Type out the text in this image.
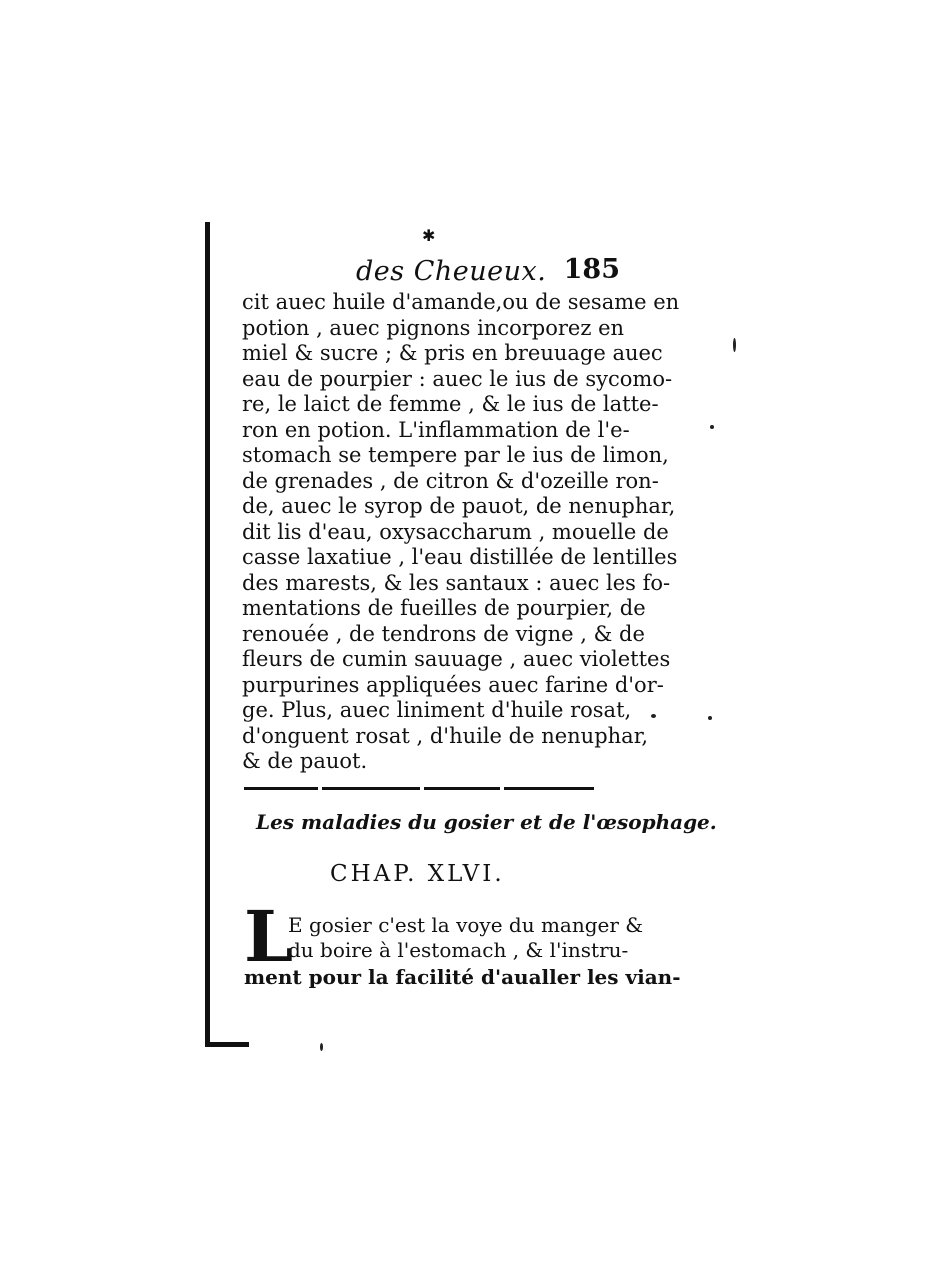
✱
des Cheueux. 185
cit auec huile d'amande,ou de sesame en
potion , auec pignons incorporez en
miel & sucre ; & pris en breuuage auec
eau de pourpier : auec le ius de sycomo-
re, le laict de femme , & le ius de latte-
ron en potion. L'inflammation de l'e-
stomach se tempere par le ius de limon,
de grenades , de citron & d'ozeille ron-
de, auec le syrop de pauot, de nenuphar,
dit lis d'eau, oxysaccharum , mouelle de
casse laxatiue , l'eau distillée de lentilles
des marests, & les santaux : auec les fo-
mentations de fueilles de pourpier, de
renouée , de tendrons de vigne , & de
fleurs de cumin sauuage , auec violettes
purpurines appliquées auec farine d'or-
ge. Plus, auec liniment d'huile rosat,
d'onguent rosat , d'huile de nenuphar,
& de pauot.
Les maladies du gosier et de l'œsophage.
CHAP. XLVI.
L
E gosier c'est la voye du manger &
du boire à l'estomach , & l'instru-
ment pour la facilité d'aualler les vian-
